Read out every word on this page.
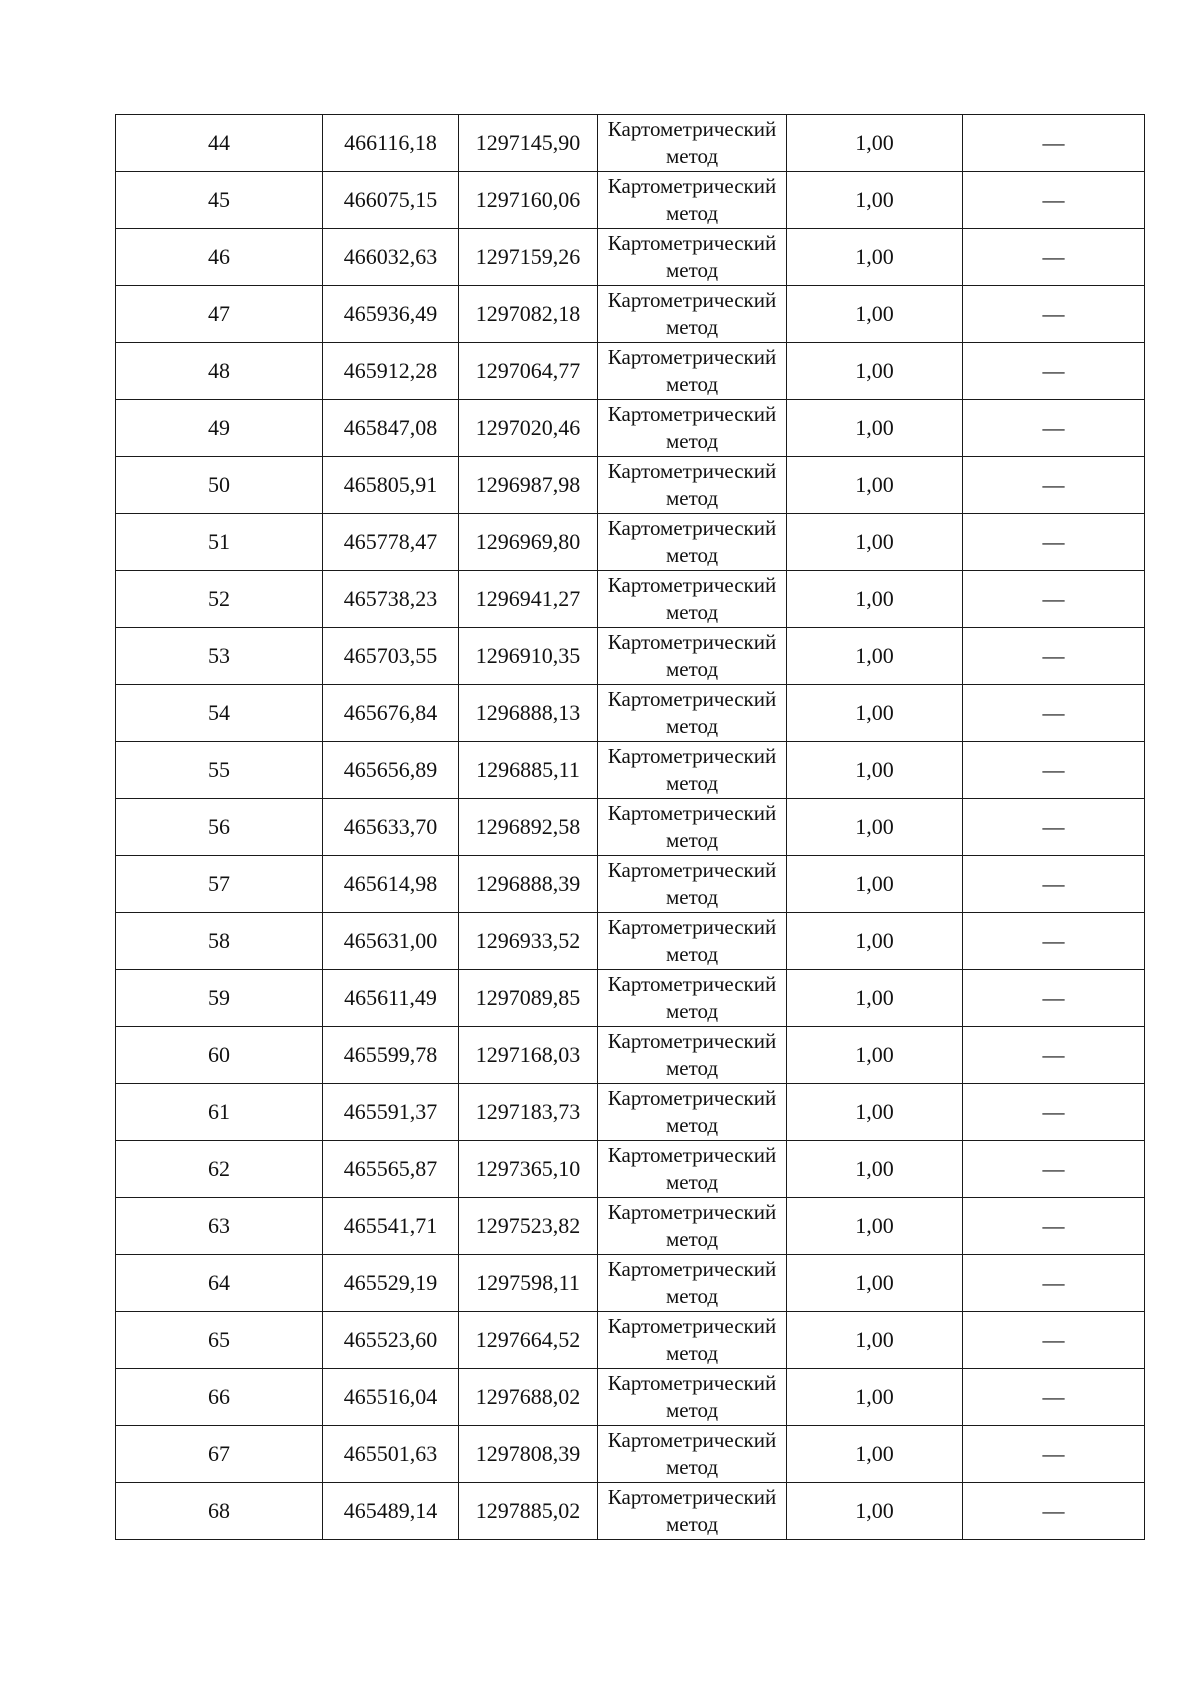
44	466116,18	1297145,90	Картометрический метод	1,00	—
45	466075,15	1297160,06	Картометрический метод	1,00	—
46	466032,63	1297159,26	Картометрический метод	1,00	—
47	465936,49	1297082,18	Картометрический метод	1,00	—
48	465912,28	1297064,77	Картометрический метод	1,00	—
49	465847,08	1297020,46	Картометрический метод	1,00	—
50	465805,91	1296987,98	Картометрический метод	1,00	—
51	465778,47	1296969,80	Картометрический метод	1,00	—
52	465738,23	1296941,27	Картометрический метод	1,00	—
53	465703,55	1296910,35	Картометрический метод	1,00	—
54	465676,84	1296888,13	Картометрический метод	1,00	—
55	465656,89	1296885,11	Картометрический метод	1,00	—
56	465633,70	1296892,58	Картометрический метод	1,00	—
57	465614,98	1296888,39	Картометрический метод	1,00	—
58	465631,00	1296933,52	Картометрический метод	1,00	—
59	465611,49	1297089,85	Картометрический метод	1,00	—
60	465599,78	1297168,03	Картометрический метод	1,00	—
61	465591,37	1297183,73	Картометрический метод	1,00	—
62	465565,87	1297365,10	Картометрический метод	1,00	—
63	465541,71	1297523,82	Картометрический метод	1,00	—
64	465529,19	1297598,11	Картометрический метод	1,00	—
65	465523,60	1297664,52	Картометрический метод	1,00	—
66	465516,04	1297688,02	Картометрический метод	1,00	—
67	465501,63	1297808,39	Картометрический метод	1,00	—
68	465489,14	1297885,02	Картометрический метод	1,00	—
